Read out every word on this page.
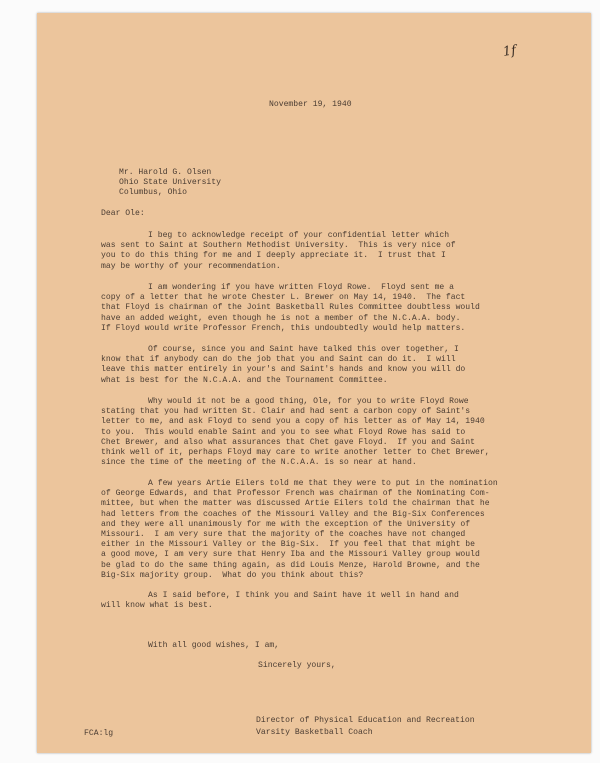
1f
November 19, 1940
Mr. Harold G. Olsen
Ohio State University
Columbus, Ohio
Dear Ole:
I beg to acknowledge receipt of your confidential letter which
was sent to Saint at Southern Methodist University.  This is very nice of
you to do this thing for me and I deeply appreciate it.  I trust that I
may be worthy of your recommendation.
I am wondering if you have written Floyd Rowe.  Floyd sent me a
copy of a letter that he wrote Chester L. Brewer on May 14, 1940.  The fact
that Floyd is chairman of the Joint Basketball Rules Committee doubtless would
have an added weight, even though he is not a member of the N.C.A.A. body.
If Floyd would write Professor French, this undoubtedly would help matters.
Of course, since you and Saint have talked this over together, I
know that if anybody can do the job that you and Saint can do it.  I will
leave this matter entirely in your's and Saint's hands and know you will do
what is best for the N.C.A.A. and the Tournament Committee.
Why would it not be a good thing, Ole, for you to write Floyd Rowe
stating that you had written St. Clair and had sent a carbon copy of Saint's
letter to me, and ask Floyd to send you a copy of his letter as of May 14, 1940
to you.  This would enable Saint and you to see what Floyd Rowe has said to
Chet Brewer, and also what assurances that Chet gave Floyd.  If you and Saint
think well of it, perhaps Floyd may care to write another letter to Chet Brewer,
since the time of the meeting of the N.C.A.A. is so near at hand.
A few years Artie Eilers told me that they were to put in the nomination
of George Edwards, and that Professor French was chairman of the Nominating Com-
mittee, but when the matter was discussed Artie Eilers told the chairman that he
had letters from the coaches of the Missouri Valley and the Big-Six Conferences
and they were all unanimously for me with the exception of the University of
Missouri.  I am very sure that the majority of the coaches have not changed
either in the Missouri Valley or the Big-Six.  If you feel that that might be
a good move, I am very sure that Henry Iba and the Missouri Valley group would
be glad to do the same thing again, as did Louis Menze, Harold Browne, and the
Big-Six majority group.  What do you think about this?
As I said before, I think you and Saint have it well in hand and
will know what is best.
With all good wishes, I am,
Sincerely yours,
Director of Physical Education and Recreation
Varsity Basketball Coach
FCA:lg
